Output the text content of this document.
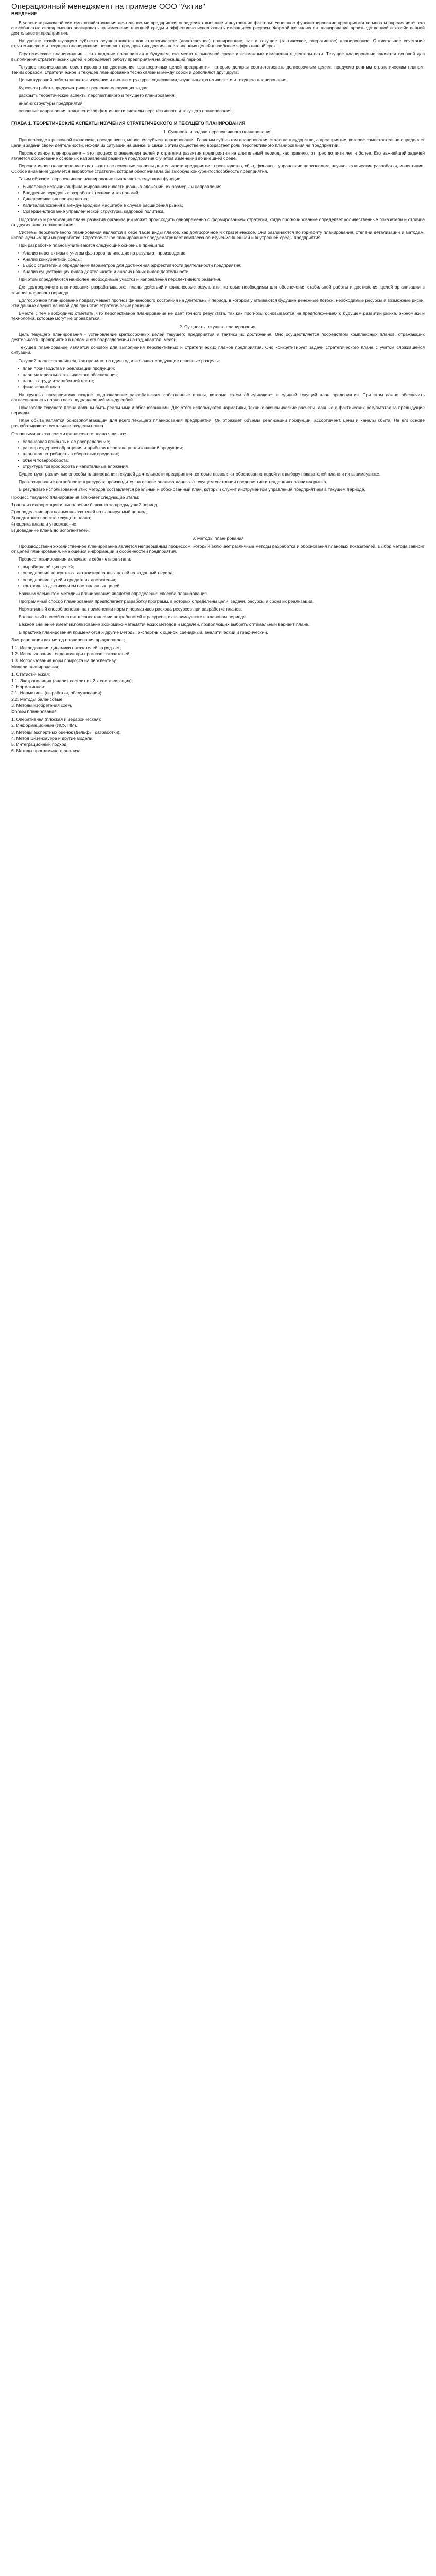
Операционный менеджмент на примере ООО "Актив"
ВВЕДЕНИЕ

В условиях рыночной системы хозяйствования деятельностью предприятия определяют внешние и внутренние факторы. Успешное функционирование предприятия во многом определяется его способностью своевременно реагировать на изменения внешней среды и эффективно использовать имеющиеся ресурсы. Формой же являются планирование производственной и хозяйственной деятельности предприятия.

На уровне хозяйствующего субъекта осуществляется как стратегическое (долгосрочное) планирование, так и текущее (тактическое, оперативное) планирование. Оптимальное сочетание стратегического и текущего планирования позволяет предприятию достичь поставленных целей в наиболее эффективный срок.

Стратегическое планирование – это видение предприятия в будущем, его место в рыночной среде и возможные изменения в деятельности. Текущее планирование является основой для выполнения стратегических целей и определяет работу предприятия на ближайший период.

Текущее планирование ориентировано на достижение краткосрочных целей предприятия, которые должны соответствовать долгосрочным целям, предусмотренным стратегическим планом. Таким образом, стратегическое и текущее планирование тесно связаны между собой и дополняют друг друга.

Целью курсовой работы является изучение и анализ структуры, содержания, изучения стратегического и текущего планирования.

Курсовая работа предусматривает решение следующих задач:

раскрыть теоретические аспекты перспективного и текущего планирования;

анализ структуры предприятия;

основные направления повышения эффективности системы перспективного и текущего планирования.

ГЛАВА 1. ТЕОРЕТИЧЕСКИЕ АСПЕКТЫ ИЗУЧЕНИЯ СТРАТЕГИЧЕСКОГО И ТЕКУЩЕГО ПЛАНИРОВАНИЯ

1. Сущность и задачи перспективного планирования.

При переходе к рыночной экономике, прежде всего, меняется субъект планирования. Главным субъектом планирования стало не государство, а предприятие, которое самостоятельно определяет цели и задачи своей деятельности, исходя из ситуации на рынке. В связи с этим существенно возрастает роль перспективного планирования на предприятии.

Перспективное планирование – это процесс определения целей и стратегии развития предприятия на длительный период, как правило, от трех до пяти лет и более. Его важнейшей задачей является обоснование основных направлений развития предприятия с учетом изменений во внешней среде.

Перспективное планирование охватывает все основные стороны деятельности предприятия: производство, сбыт, финансы, управление персоналом, научно-технические разработки, инвестиции. Особое внимание уделяется выработке стратегии, которая обеспечивала бы высокую конкурентоспособность предприятия.

Таким образом, перспективное планирование выполняет следующие функции:

• Выделение источников финансирования инвестиционных вложений, их размеры и направления;
• Внедрение передовых разработок техники и технологий;
• Диверсификация производства;
• Капиталовложения в международном масштабе в случае расширения рынка;
• Совершенствование управленческой структуры, кадровой политики.

Подготовка и реализация плана развития организации может происходить одновременно с формированием стратегии, когда прогнозирование определяет количественные показатели и отличие от других видов планирования.

Системы перспективного планирования являются в себе такие виды планов, как долгосрочное и стратегическое. Они различаются по горизонту планирования, степени детализации и методам, используемым при их разработке. Стратегическое планирование предусматривает комплексное изучение внешней и внутренней среды предприятия.

При разработке планов учитываются следующие основные принципы:

• Анализ перспективы с учетом факторов, влияющих на результат производства;
• Анализ конкурентной среды;
• Выбор стратегии и определение параметров для достижения эффективности деятельности предприятия;
• Анализ существующих видов деятельности и анализ новых видов деятельности.

При этом определяются наиболее необходимые участки и направления перспективного развития.

Для долгосрочного планирования разрабатываются планы действий и финансовые результаты, которые необходимы для обеспечения стабильной работы и достижения целей организации в течение планового периода.

Долгосрочное планирование подразумевает прогноз финансового состояния на длительный период, в котором учитываются будущие денежные потоки, необходимые ресурсы и возможные риски. Эти данные служат основой для принятия стратегических решений.

Вместе с тем необходимо отметить, что перспективное планирование не дает точного результата, так как прогнозы основываются на предположениях о будущем развитии рынка, экономики и технологий, которые могут не оправдаться.

2. Сущность текущего планирования.

Цель текущего планирования - установление краткосрочных целей текущего предприятия и тактики их достижения. Оно осуществляется посредством комплексных планов, отражающих деятельность предприятия в целом и его подразделений на год, квартал, месяц.

Текущее планирование является основой для выполнения перспективных и стратегических планов предприятия. Оно конкретизирует задачи стратегического плана с учетом сложившейся ситуации.

Текущий план составляется, как правило, на один год и включает следующие основные разделы:

• план производства и реализации продукции;
• план материально-технического обеспечения;
• план по труду и заработной плате;
• финансовый план.

На крупных предприятиях каждое подразделение разрабатывает собственные планы, которые затем объединяются в единый текущий план предприятия. При этом важно обеспечить согласованность планов всех подразделений между собой.

Показатели текущего плана должны быть реальными и обоснованными. Для этого используются нормативы, технико-экономические расчеты, данные о фактических результатах за предыдущие периоды.

План сбыта является основополагающим для всего текущего планирования предприятия. Он отражает объемы реализации продукции, ассортимент, цены и каналы сбыта. На его основе разрабатываются остальные разделы плана.

Основными показателями финансового плана являются:

• балансовая прибыль и ее распределение;
• размер издержек обращения и прибыли в составе реализованной продукции;
• плановая потребность в оборотных средствах;
• объем товарооборота;
• структура товарооборота и капитальные вложения.

Существуют различные способы планирования текущей деятельности предприятия, которые позволяют обоснованно подойти к выбору показателей плана и их взаимоувязке.

Прогнозирование потребности в ресурсах производится на основе анализа данных о текущем состоянии предприятия и тенденциях развития рынка.

В результате использования этих методов составляется реальный и обоснованный план, который служит инструментом управления предприятием в текущем периоде.

Процесс текущего планирования включает следующие этапы:

1) анализ информации и выполнение бюджета за предыдущий период;

2) определение прогнозных показателей на планируемый период;

3) подготовка проекта текущего плана;

4) оценка плана и утверждение;

5) доведение плана до исполнителей.

3. Методы планирования

Производственно-хозяйственное планирование является непрерывным процессом, который включает различные методы разработки и обоснования плановых показателей. Выбор метода зависит от целей планирования, имеющейся информации и особенностей предприятия.

Процесс планирования включает в себя четыре этапа:

• выработка общих целей;
• определение конкретных, детализированных целей на заданный период;
• определение путей и средств их достижения;
• контроль за достижением поставленных целей.

Важным элементом методики планирования является определение способа планирования.

Программный способ планирования предполагает разработку программ, в которых определены цели, задачи, ресурсы и сроки их реализации.

Нормативный способ основан на применении норм и нормативов расхода ресурсов при разработке планов.

Балансовый способ состоит в сопоставлении потребностей и ресурсов, их взаимоувязке в плановом периоде.

Важное значение имеет использование экономико-математических методов и моделей, позволяющих выбрать оптимальный вариант плана.

В практике планирования применяются и другие методы: экспертных оценок, сценарный, аналитический и графический.

Экстраполяция как метод планирования предполагает:

1.1. Исследования динамики показателей за ряд лет;

1.2. Использования тенденции при прогнозе показателей;

1.3. Использования норм прироста на перспективу.

Модели планирования:

1. Статистическая;

1.1. Экстраполяция (анализ состоит из 2-х составляющих);

2. Нормативная:

2.1. Нормативы (выработки, обслуживания);

2.2. Методы балансовые;

3. Методы изобретения схем.

Формы планирования:

1. Оперативная (плоская и иерархическая);

2. Информационные (ИСУ, ПМ).

3. Методы экспертных оценок (Дельфы, разработки);

4. Метод Эйзенхауэра и другие модели;

5. Интеграционный подход;

6. Методы программного анализа.
